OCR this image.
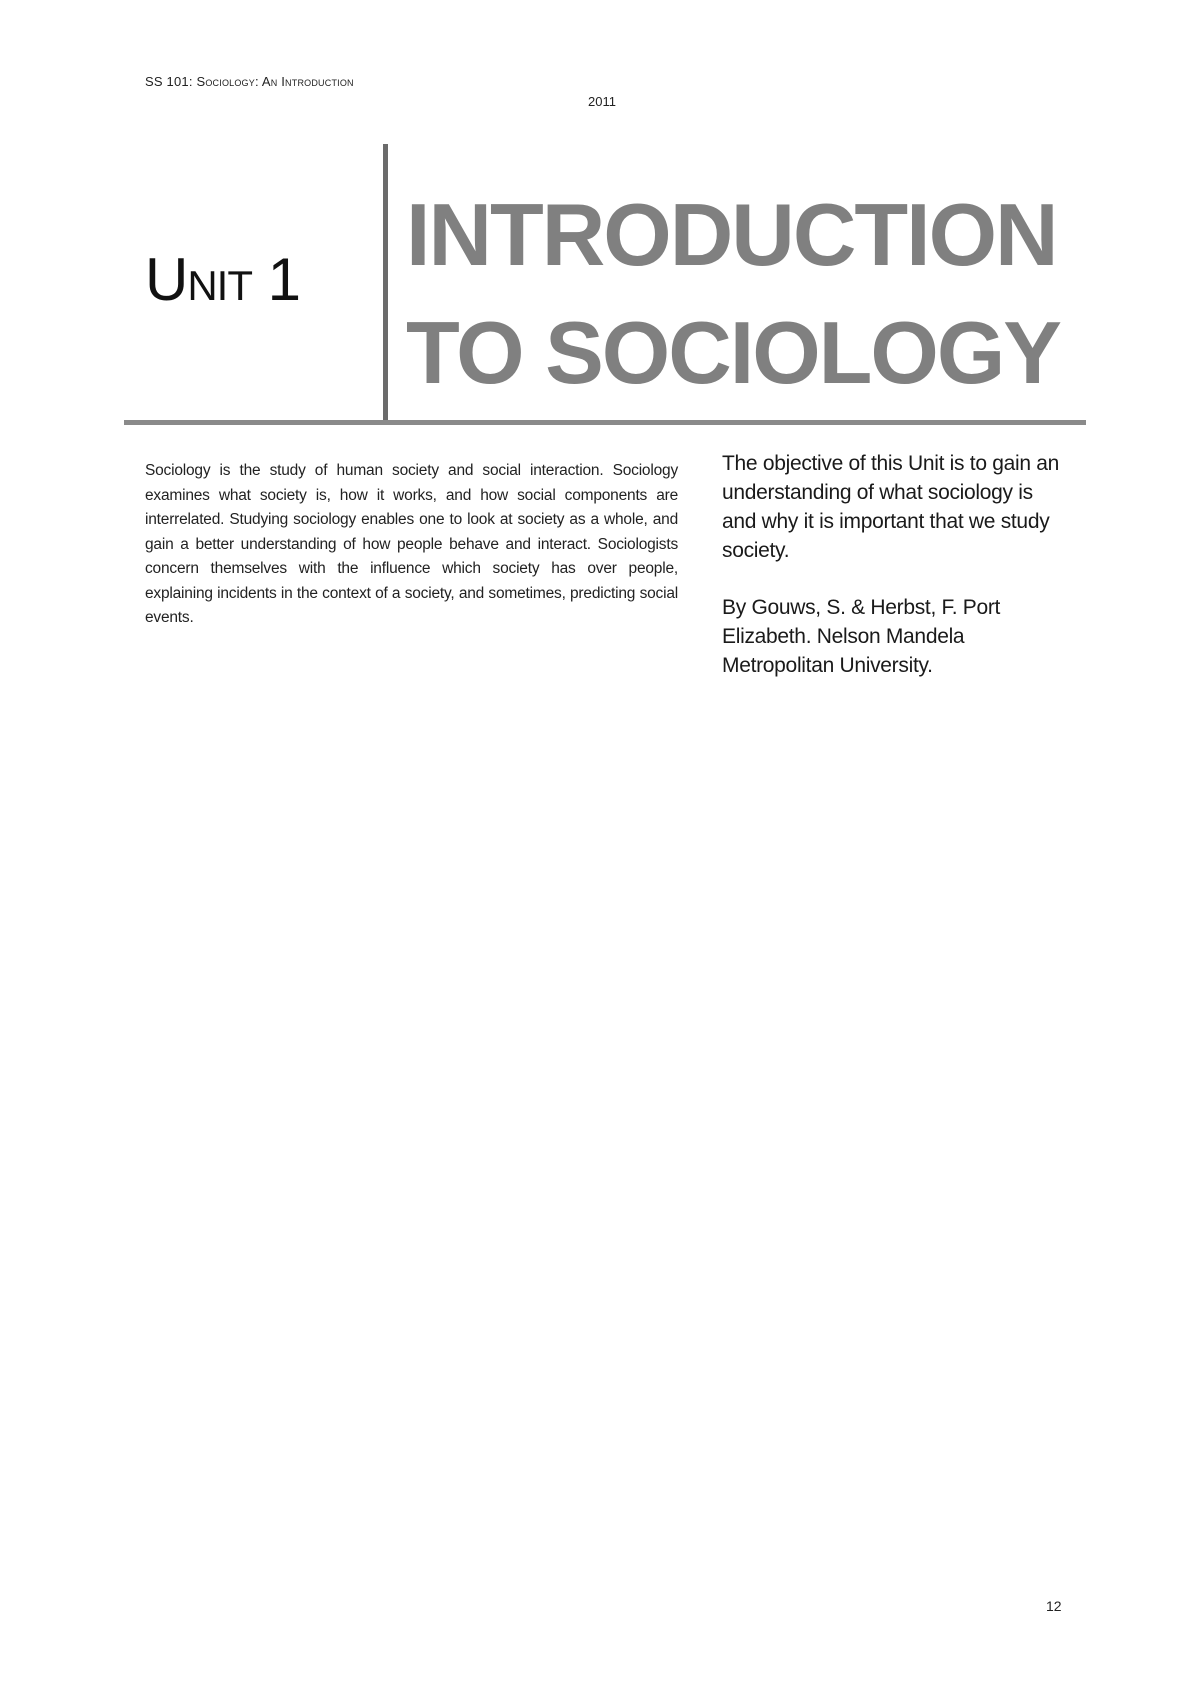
SS 101: Sociology: An Introduction
2011
Unit 1 INTRODUCTION
TO SOCIOLOGY

Sociology is the study of human society and social interaction. Sociology examines what society is, how it works, and how social components are interrelated. Studying sociology enables one to look at society as a whole, and gain a better understanding of how people behave and interact. Sociologists concern themselves with the influence which society has over people, explaining incidents in the context of a society, and sometimes, predicting social events.

The objective of this Unit is to gain an understanding of what sociology is and why it is important that we study society.

By Gouws, S. & Herbst, F. Port Elizabeth. Nelson Mandela Metropolitan University.

12
